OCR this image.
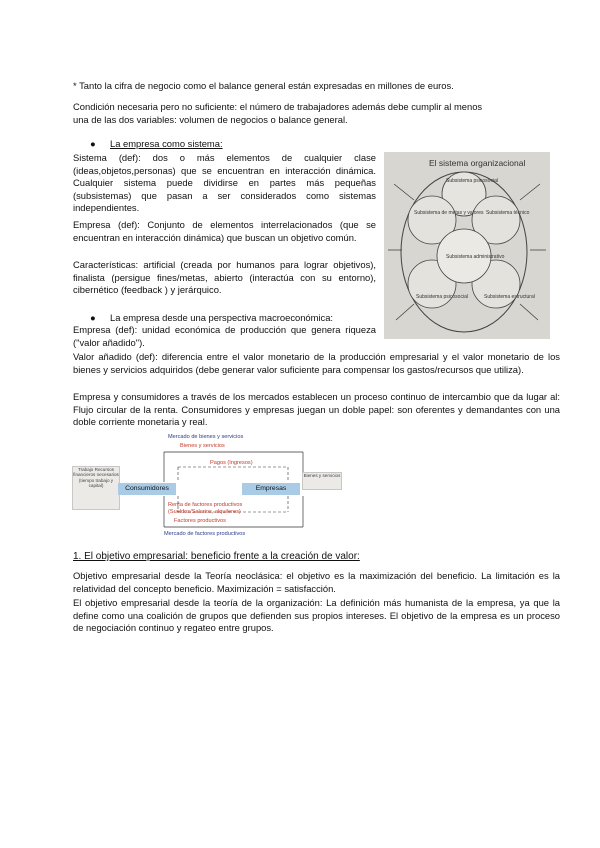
* Tanto la cifra de negocio como el balance general están expresadas en millones de euros.

Condición necesaria pero no suficiente: el número de trabajadores además debe cumplir al menos una de las dos variables: volumen de negocios o balance general.

● La empresa como sistema:

Sistema (def): dos o más elementos de cualquier clase (ideas,objetos,personas) que se encuentran en interacción dinámica. Cualquier sistema puede dividirse en partes más pequeñas (subsistemas) que pasan a ser considerados como sistemas independientes.

Empresa (def): Conjunto de elementos interrelacionados (que se encuentran en interacción dinámica) que buscan un objetivo común.

Características: artificial (creada por humanos para lograr objetivos), finalista (persigue fines/metas, abierto (interactúa con su entorno), cibernético (feedback ) y jerárquico.

El sistema organizacional
Subsistema psicosocial
Subsistema de metas y valores Subsistema técnico
Subsistema administrativo
Subsistema psicosocial	Subsistema estructural
● La empresa desde una perspectiva macroeconómica:

Empresa (def): unidad económica de producción que genera riqueza ("valor añadido").

Valor añadido (def): diferencia entre el valor monetario de la producción empresarial y el valor monetario de los bienes y servicios adquiridos (debe generar valor suficiente para compensar los gastos/recursos que utiliza).

Empresa y consumidores a través de los mercados establecen un proceso continuo de intercambio que da lugar al: Flujo circular de la renta. Consumidores y empresas juegan un doble papel: son oferentes y demandantes con una doble corriente monetaria y real.

Mercado de bienes y servicios
Bienes y servicios
Pagos (Ingresos)
Trabajo Recursos financieros necesarios (tiempo trabajo y capital)	Consumidores	Empresas
Bienes y servicios
Renta de factores productivos
(Sueldos/Salarios, alquileres)
Factores productivos
Mercado de factores productivos
1. El objetivo empresarial: beneficio frente a la creación de valor:

Objetivo empresarial desde la Teoría neoclásica: el objetivo es la maximización del beneficio. La limitación es la relatividad del concepto beneficio. Maximización = satisfacción.

El objetivo empresarial desde la teoría de la organización: La definición más humanista de la empresa, ya que la define como una coalición de grupos que defienden sus propios intereses. El objetivo de la empresa es un proceso de negociación continuo y regateo entre grupos.
